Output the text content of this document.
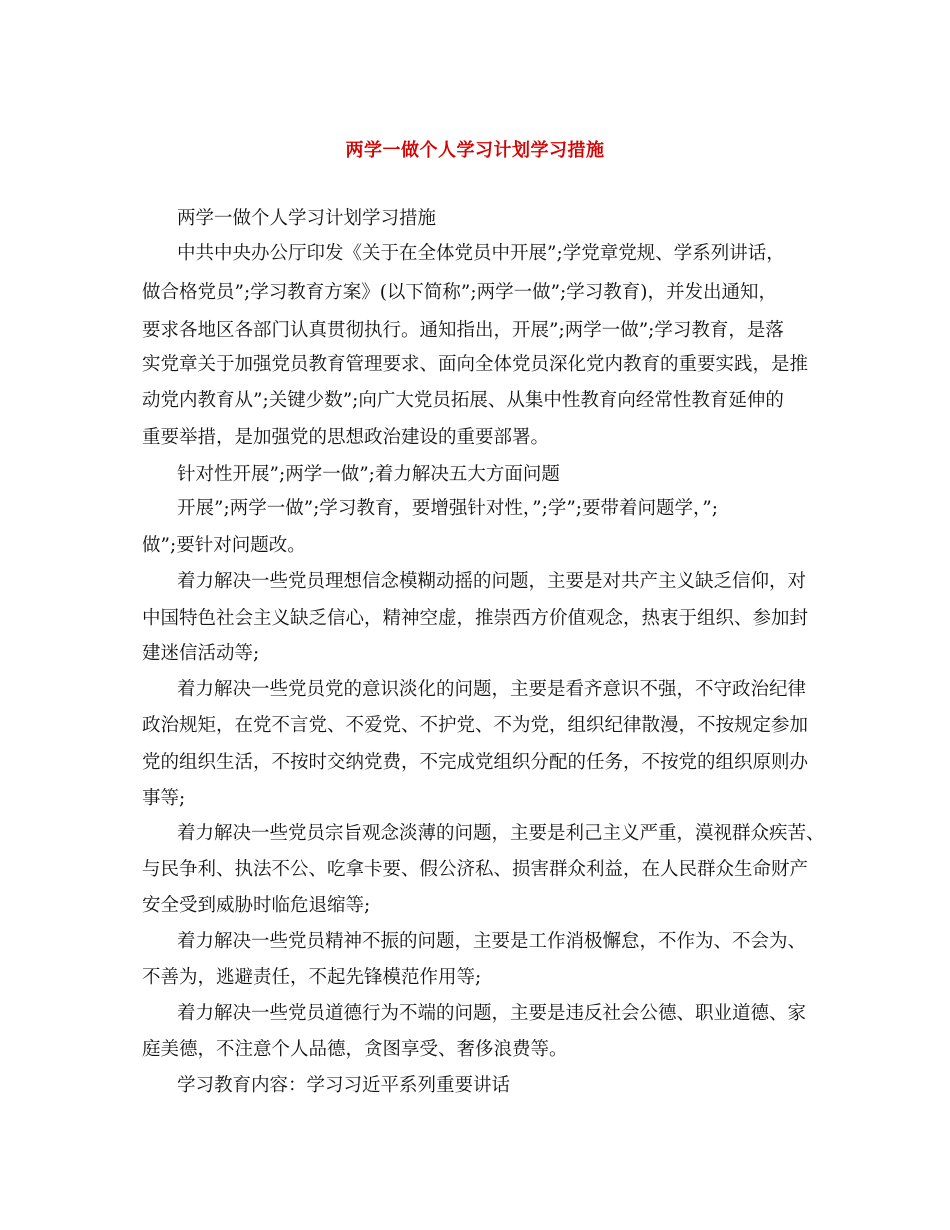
两学一做个人学习计划学习措施
两学一做个人学习计划学习措施
中共中央办公厅印发《关于在全体党员中开展”;学党章党规、学系列讲话，
做合格党员”;学习教育方案》(以下简称”;两学一做”;学习教育)，并发出通知，
要求各地区各部门认真贯彻执行。通知指出，开展”;两学一做”;学习教育，是落
实党章关于加强党员教育管理要求、面向全体党员深化党内教育的重要实践，是推
动党内教育从”;关键少数”;向广大党员拓展、从集中性教育向经常性教育延伸的
重要举措，是加强党的思想政治建设的重要部署。
针对性开展”;两学一做”;着力解决五大方面问题
开展”;两学一做”;学习教育，要增强针对性，”;学”;要带着问题学，”;
做”;要针对问题改。
着力解决一些党员理想信念模糊动摇的问题，主要是对共产主义缺乏信仰，对
中国特色社会主义缺乏信心，精神空虚，推崇西方价值观念，热衷于组织、参加封
建迷信活动等;
着力解决一些党员党的意识淡化的问题，主要是看齐意识不强，不守政治纪律
政治规矩，在党不言党、不爱党、不护党、不为党，组织纪律散漫，不按规定参加
党的组织生活，不按时交纳党费，不完成党组织分配的任务，不按党的组织原则办
事等;
着力解决一些党员宗旨观念淡薄的问题，主要是利己主义严重，漠视群众疾苦、
与民争利、执法不公、吃拿卡要、假公济私、损害群众利益，在人民群众生命财产
安全受到威胁时临危退缩等;
着力解决一些党员精神不振的问题，主要是工作消极懈怠，不作为、不会为、
不善为，逃避责任，不起先锋模范作用等;
着力解决一些党员道德行为不端的问题，主要是违反社会公德、职业道德、家
庭美德，不注意个人品德，贪图享受、奢侈浪费等。
学习教育内容：学习习近平系列重要讲话
